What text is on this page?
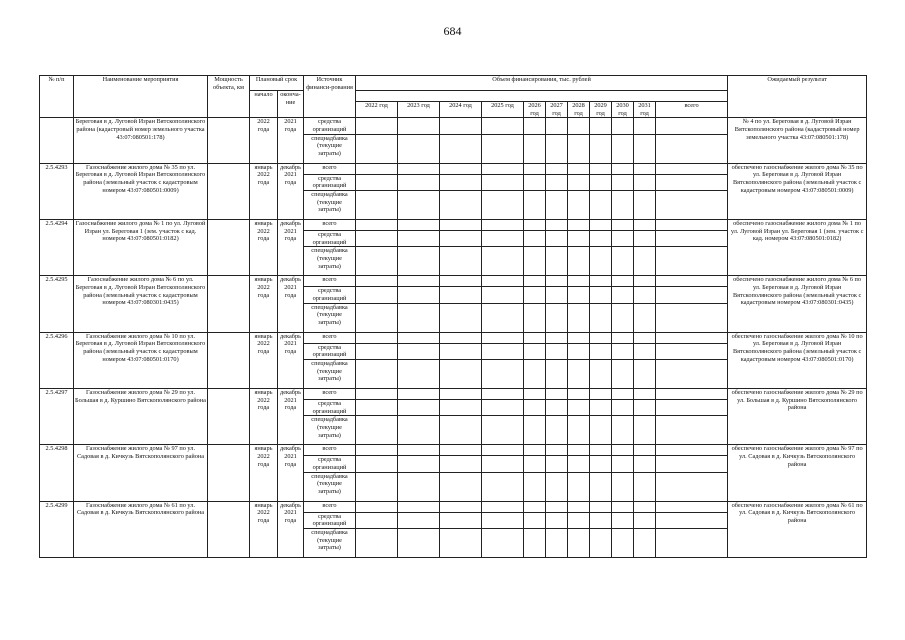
684
№ п/п	Наименование мероприятия	Мощность объекта, км	Плановый срок		Источник финанси-рования	Объем финансирования, тыс. рублей											Ожидаемый результат
			начало	оконча-ние													
						2022 год	2023 год	2024 год	2025 год	2026 год	2027 год	2028 год	2029 год	2030 год	2031 год	всего	
	Береговая в д. Луговой Изран Вятскополянского района (кадастровый номер земельного участка 43:07:080501:178)		2022 года	2021 года	средства организаций												№ 4 по ул. Береговая в д. Луговой Изран Вятскополянского района (кадастровый номер земельного участка 43:07:080501:178)
					спецнадбавка (текущие затраты)												
2.5.4293	Газоснабжение жилого дома № 35 по ул. Береговая в д. Луговой Изран Вятскополянского района (земельный участок с кадастровым номером 43:07:080501:0009)		январь 2022 года	декабрь 2021 года	всего												обеспечено газоснабжение жилого дома № 35 по ул. Береговая в д. Луговой Изран Вятскополянского района (земельный участок с кадастровым номером 43:07:080501:0009)
					средства организаций												
					спецнадбавка (текущие затраты)												
2.5.4294	Газоснабжение жилого дома № 1 по ул. Луговой Изран ул. Береговая 1 (зем. участок с кад. номером 43:07:080501:0182)		январь 2022 года	декабрь 2021 года	всего												обеспечено газоснабжение жилого дома № 1 по ул. Луговой Изран ул. Береговая 1 (зем. участок с кад. номером 43:07:080501:0182)
					средства организаций												
					спецнадбавка (текущие затраты)												
2.5.4295	Газоснабжение жилого дома № 6 по ул. Береговая в д. Луговой Изран Вятскополянского района (земельный участок с кадастровым номером 43:07:080301:0435)		январь 2022 года	декабрь 2021 года	всего												обеспечено газоснабжение жилого дома № 6 по ул. Береговая в д. Луговой Изран Вятскополянского района (земельный участок с кадастровым номером 43:07:080301:0435)
					средства организаций												
					спецнадбавка (текущие затраты)												
2.5.4296	Газоснабжение жилого дома № 10 по ул. Береговая в д. Луговой Изран Вятскополянского района (земельный участок с кадастровым номером 43:07:080501:0170)		январь 2022 года	декабрь 2021 года	всего												обеспечено газоснабжение жилого дома № 10 по ул. Береговая в д. Луговой Изран Вятскополянского района (земельный участок с кадастровым номером 43:07:080501:0170)
					средства организаций												
					спецнадбавка (текущие затраты)												
2.5.4297	Газоснабжение жилого дома № 29 по ул. Большая в д. Куршино Вятскополянского района		январь 2022 года	декабрь 2021 года	всего												обеспечено газоснабжение жилого дома № 29 по ул. Большая в д. Куршино Вятскополянского района
					средства организаций												
					спецнадбавка (текущие затраты)												
2.5.4298	Газоснабжение жилого дома № 97 по ул. Садовая в д. Кичкузь Вятскополянского района		январь 2022 года	декабрь 2021 года	всего												обеспечено газоснабжение жилого дома № 97 по ул. Садовая в д. Кичкузь Вятскополянского района
					средства организаций												
					спецнадбавка (текущие затраты)												
2.5.4299	Газоснабжение жилого дома № 61 по ул. Садовая в д. Кичкузь Вятскополянского района		январь 2022 года	декабрь 2021 года	всего												обеспечено газоснабжение жилого дома № 61 по ул. Садовая в д. Кичкузь Вятскополянского района
					средства организаций												
					спецнадбавка (текущие затраты)												
